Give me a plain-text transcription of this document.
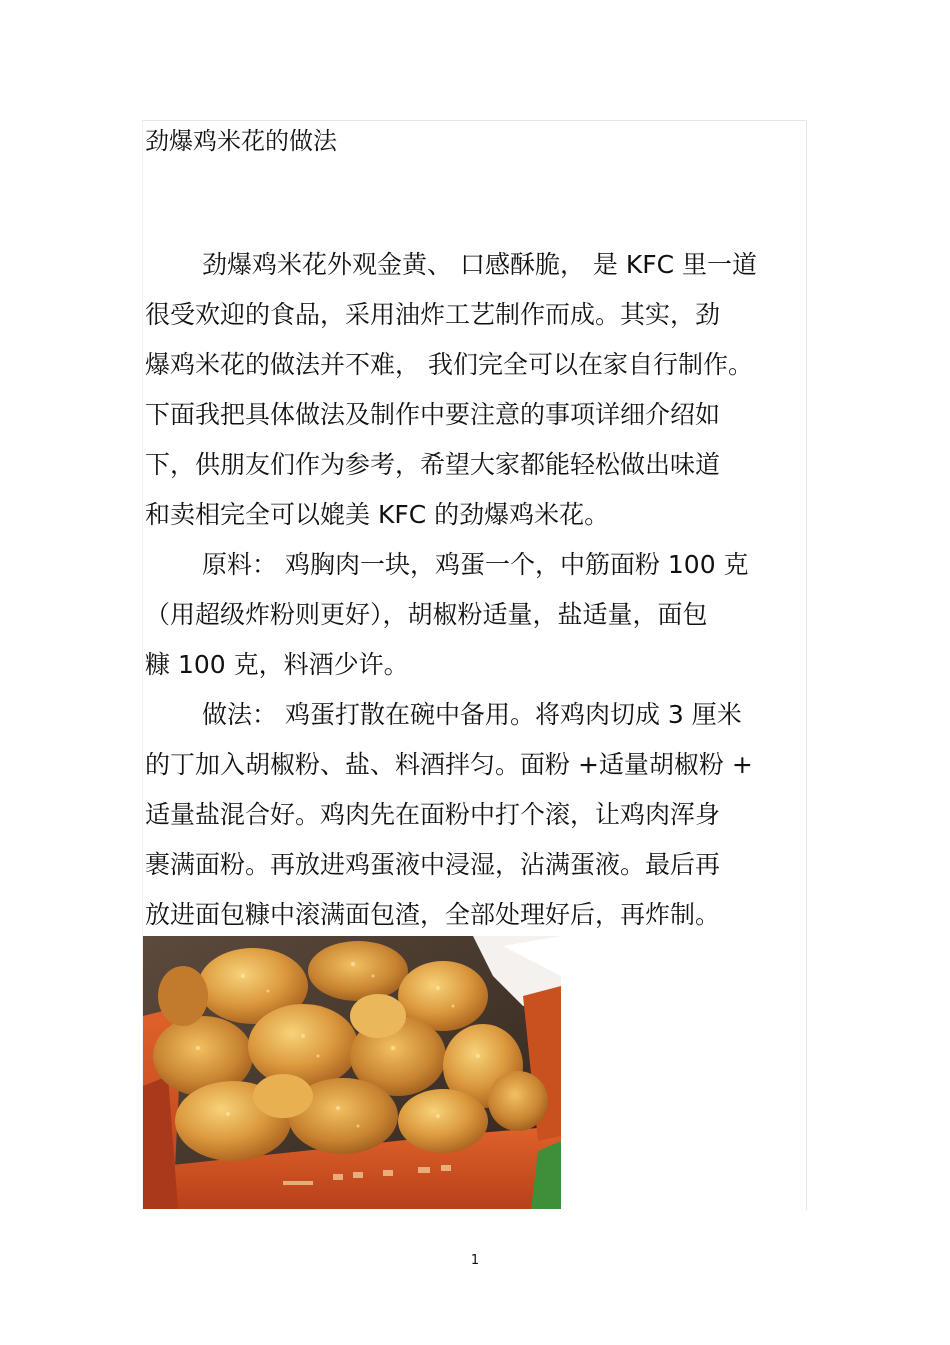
劲爆鸡米花的做法
劲爆鸡米花外观金黄、 口感酥脆， 是 KFC 里一道
很受欢迎的食品，采用油炸工艺制作而成。其实，劲
爆鸡米花的做法并不难， 我们完全可以在家自行制作。
下面我把具体做法及制作中要注意的事项详细介绍如
下，供朋友们作为参考，希望大家都能轻松做出味道
和卖相完全可以媲美 KFC 的劲爆鸡米花。
原料： 鸡胸肉一块，鸡蛋一个，中筋面粉 100 克
（用超级炸粉则更好），胡椒粉适量，盐适量，面包
糠 100 克，料酒少许。
做法： 鸡蛋打散在碗中备用。将鸡肉切成 3 厘米
的丁加入胡椒粉、盐、料酒拌匀。面粉 +适量胡椒粉 +
适量盐混合好。鸡肉先在面粉中打个滚，让鸡肉浑身
裹满面粉。再放进鸡蛋液中浸湿，沾满蛋液。最后再
放进面包糠中滚满面包渣，全部处理好后，再炸制。
1
